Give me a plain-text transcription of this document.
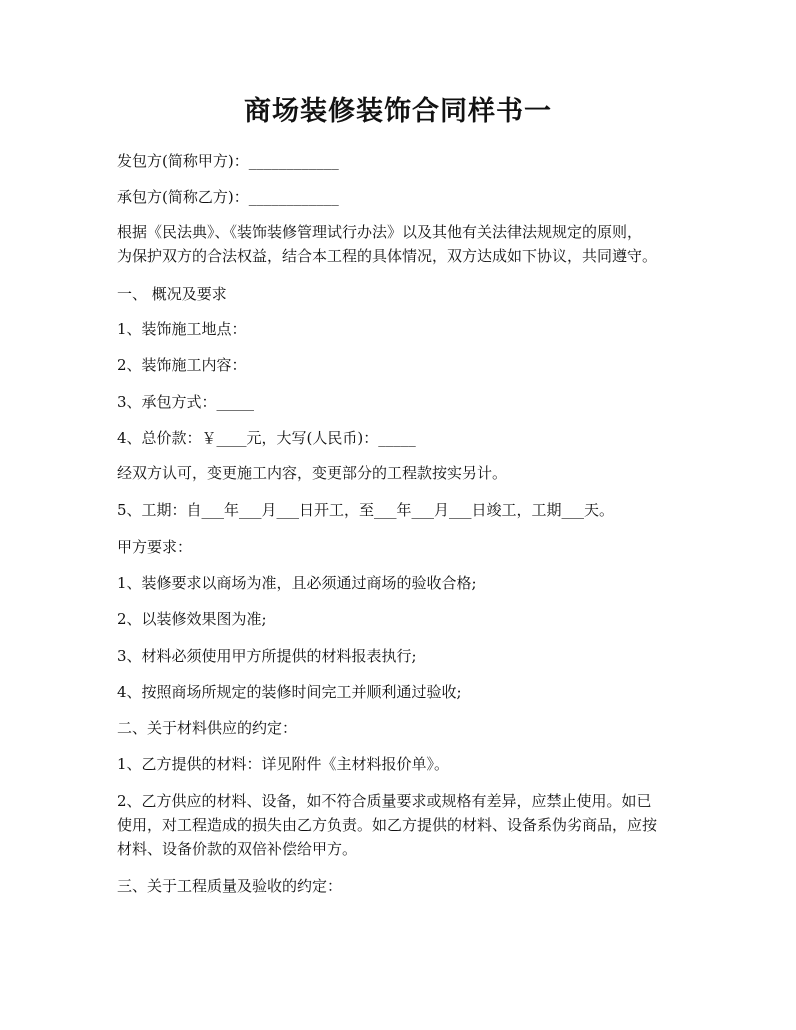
商场装修装饰合同样书一
发包方(简称甲方)：____________
承包方(简称乙方)：____________
根据《民法典》、《装饰装修管理试行办法》以及其他有关法律法规规定的原则，
为保护双方的合法权益，结合本工程的具体情况，双方达成如下协议，共同遵守。
一、 概况及要求
1、装饰施工地点：
2、装饰施工内容：
3、承包方式：_____
4、总价款：￥____元，大写(人民币)：_____
经双方认可，变更施工内容，变更部分的工程款按实另计。
5、工期：自___年___月___日开工，至___年___月___日竣工，工期___天。
甲方要求：
1、装修要求以商场为准，且必须通过商场的验收合格;
2、以装修效果图为准;
3、材料必须使用甲方所提供的材料报表执行;
4、按照商场所规定的装修时间完工并顺利通过验收;
二、关于材料供应的约定：
1、乙方提供的材料：详见附件《主材料报价单》。
2、乙方供应的材料、设备，如不符合质量要求或规格有差异，应禁止使用。如已
使用，对工程造成的损失由乙方负责。如乙方提供的材料、设备系伪劣商品，应按
材料、设备价款的双倍补偿给甲方。
三、关于工程质量及验收的约定：
